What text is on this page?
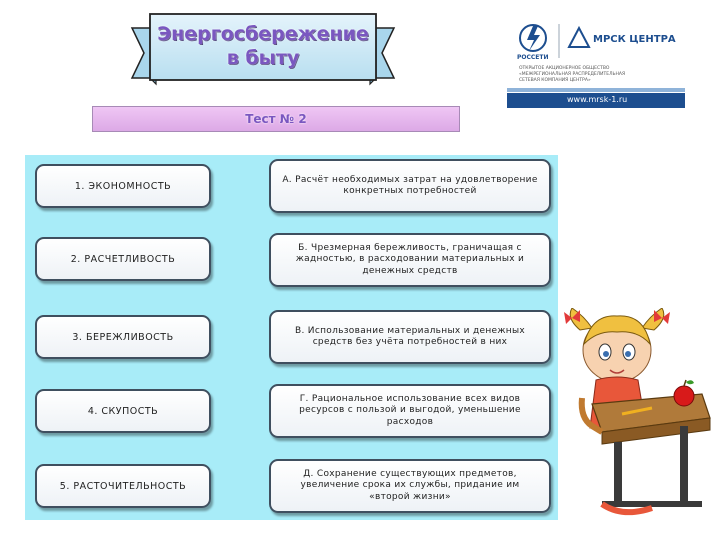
Энергосбережение
в быту	РОССЕТИ
МРСК ЦЕНТРА
ОТКРЫТОЕ АКЦИОНЕРНОЕ ОБЩЕСТВО
«МЕЖРЕГИОНАЛЬНАЯ РАСПРЕДЕЛИТЕЛЬНАЯ
СЕТЕВАЯ КОМПАНИЯ ЦЕНТРА»
www.mrsk-1.ru
Тест № 2
1. ЭКОНОМНОСТЬ
2. РАСЧЕТЛИВОСТЬ
3. БЕРЕЖЛИВОСТЬ
4. СКУПОСТЬ
5. РАСТОЧИТЕЛЬНОСТЬ
А. Расчёт необходимых затрат на удовлетворение конкретных потребностей
Б. Чрезмерная бережливость, граничащая с жадностью, в расходовании материальных и денежных средств
В. Использование материальных и денежных средств без учёта потребностей в них
Г. Рациональное использование всех видов ресурсов с пользой и выгодой, уменьшение расходов
Д. Сохранение существующих предметов, увеличение срока их службы, придание им «второй жизни»
